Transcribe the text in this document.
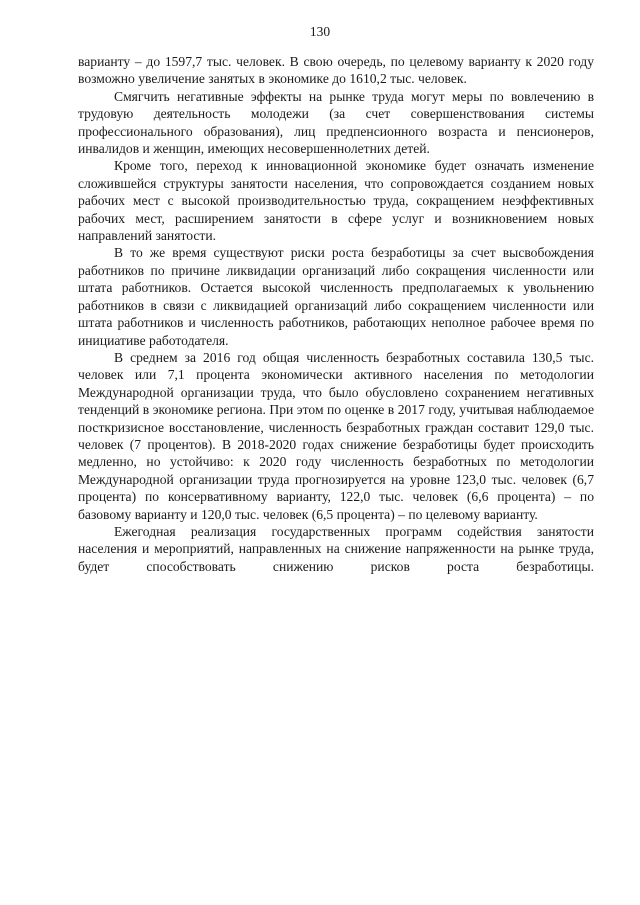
130

варианту – до 1597,7 тыс. человек. В свою очередь, по целевому варианту к 2020 году возможно увеличение занятых в экономике до 1610,2 тыс. человек.

Смягчить негативные эффекты на рынке труда могут меры по вовлечению в трудовую деятельность молодежи (за счет совершенствования системы профессионального образования), лиц предпенсионного возраста и пенсионеров, инвалидов и женщин, имеющих несовершеннолетних детей.

Кроме того, переход к инновационной экономике будет означать изменение сложившейся структуры занятости населения, что сопровождается созданием новых рабочих мест с высокой производительностью труда, сокращением неэффективных рабочих мест, расширением занятости в сфере услуг и возникновением новых направлений занятости.

В то же время существуют риски роста безработицы за счет высвобождения работников по причине ликвидации организаций либо сокращения численности или штата работников. Остается высокой численность предполагаемых к увольнению работников в связи с ликвидацией организаций либо сокращением численности или штата работников и численность работников, работающих неполное рабочее время по инициативе работодателя.

В среднем за 2016 год общая численность безработных составила 130,5 тыс. человек или 7,1 процента экономически активного населения по методологии Международной организации труда, что было обусловлено сохранением негативных тенденций в экономике региона. При этом по оценке в 2017 году, учитывая наблюдаемое посткризисное восстановление, численность безработных граждан составит 129,0 тыс. человек (7 процентов). В 2018-2020 годах снижение безработицы будет происходить медленно, но устойчиво: к 2020 году численность безработных по методологии Международной организации труда прогнозируется на уровне 123,0 тыс. человек (6,7 процента) по консервативному варианту, 122,0 тыс. человек (6,6 процента) – по базовому варианту и 120,0 тыс. человек (6,5 процента) – по целевому варианту.

Ежегодная реализация государственных программ содействия занятости населения и мероприятий, направленных на снижение напряженности на рынке труда, будет способствовать снижению рисков роста безработицы.
